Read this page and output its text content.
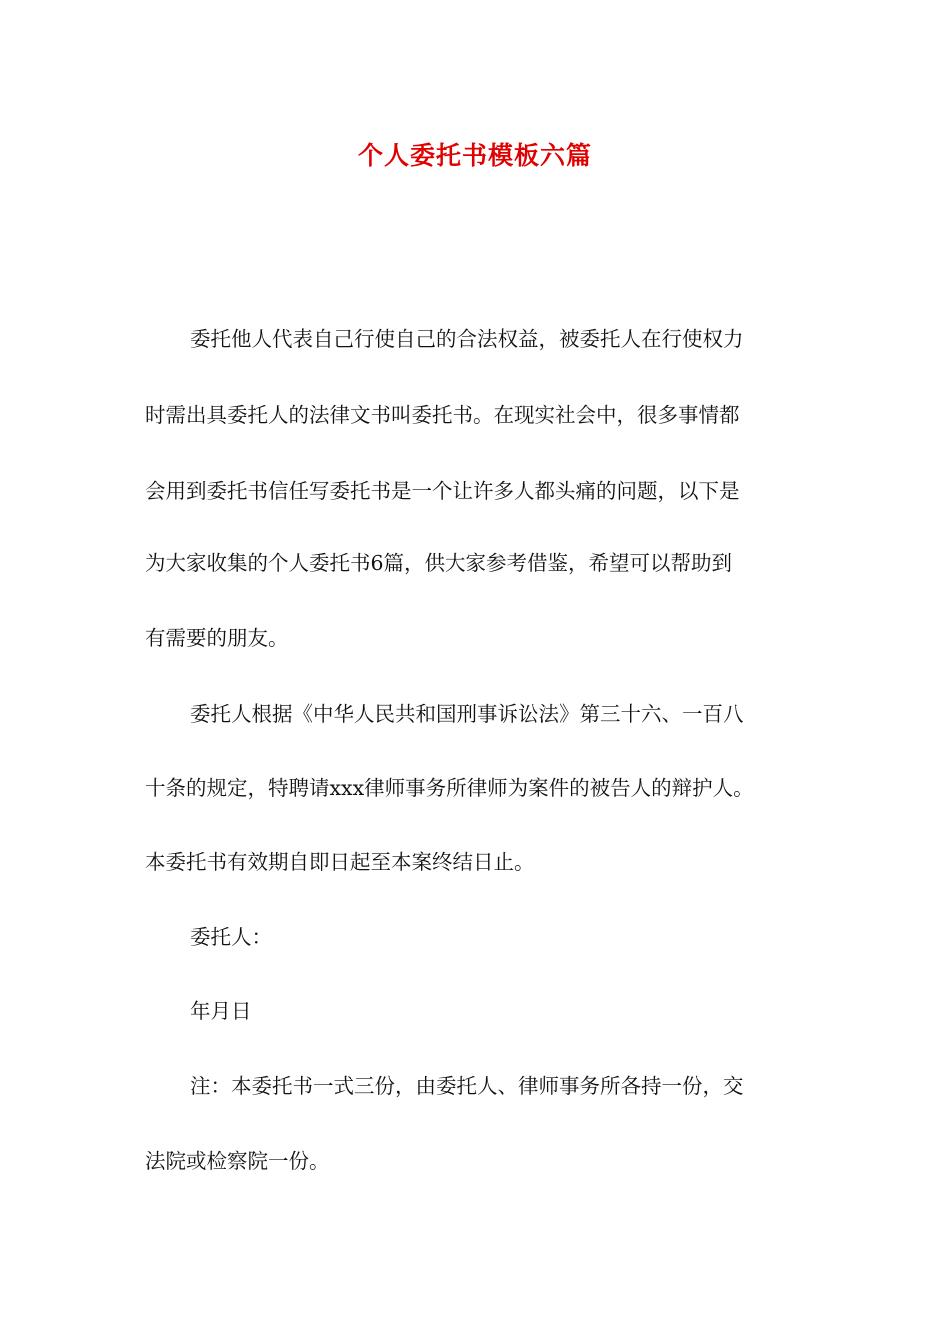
个人委托书模板六篇

委托他人代表自己行使自己的合法权益，被委托人在行使权力

时需出具委托人的法律文书叫委托书。在现实社会中，很多事情都

会用到委托书信任写委托书是一个让许多人都头痛的问题，以下是

为大家收集的个人委托书6篇，供大家参考借鉴，希望可以帮助到

有需要的朋友。

委托人根据《中华人民共和国刑事诉讼法》第三十六、一百八

十条的规定，特聘请xxx律师事务所律师为案件的被告人的辩护人。

本委托书有效期自即日起至本案终结日止。

委托人：

年月日

注：本委托书一式三份，由委托人、律师事务所各持一份，交

法院或检察院一份。
